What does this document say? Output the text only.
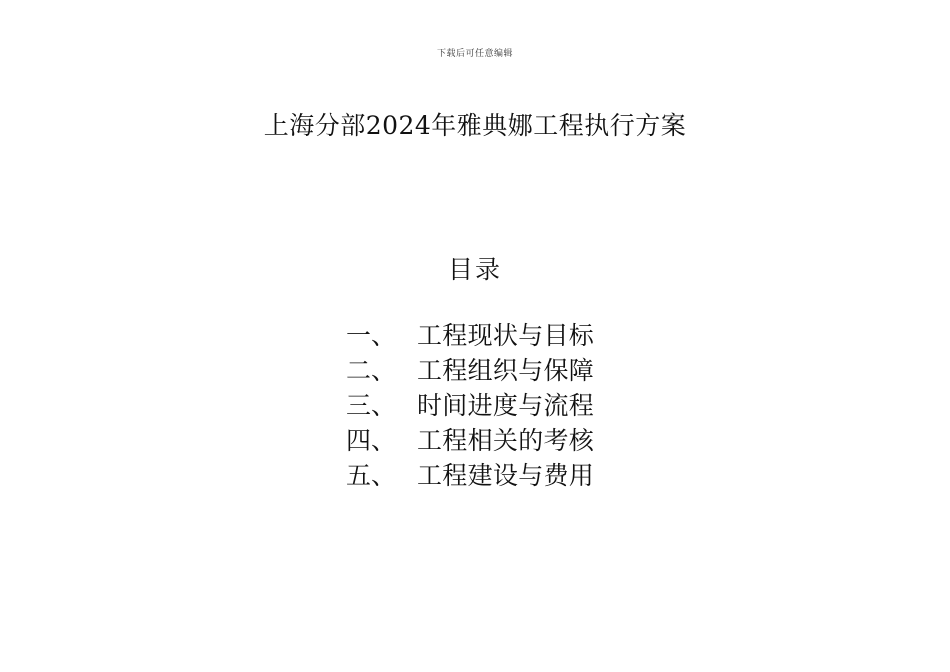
下载后可任意编辑
上海分部2024年雅典娜工程执行方案
目录
一、 工程现状与目标
二、 工程组织与保障
三、 时间进度与流程
四、 工程相关的考核
五、 工程建设与费用
